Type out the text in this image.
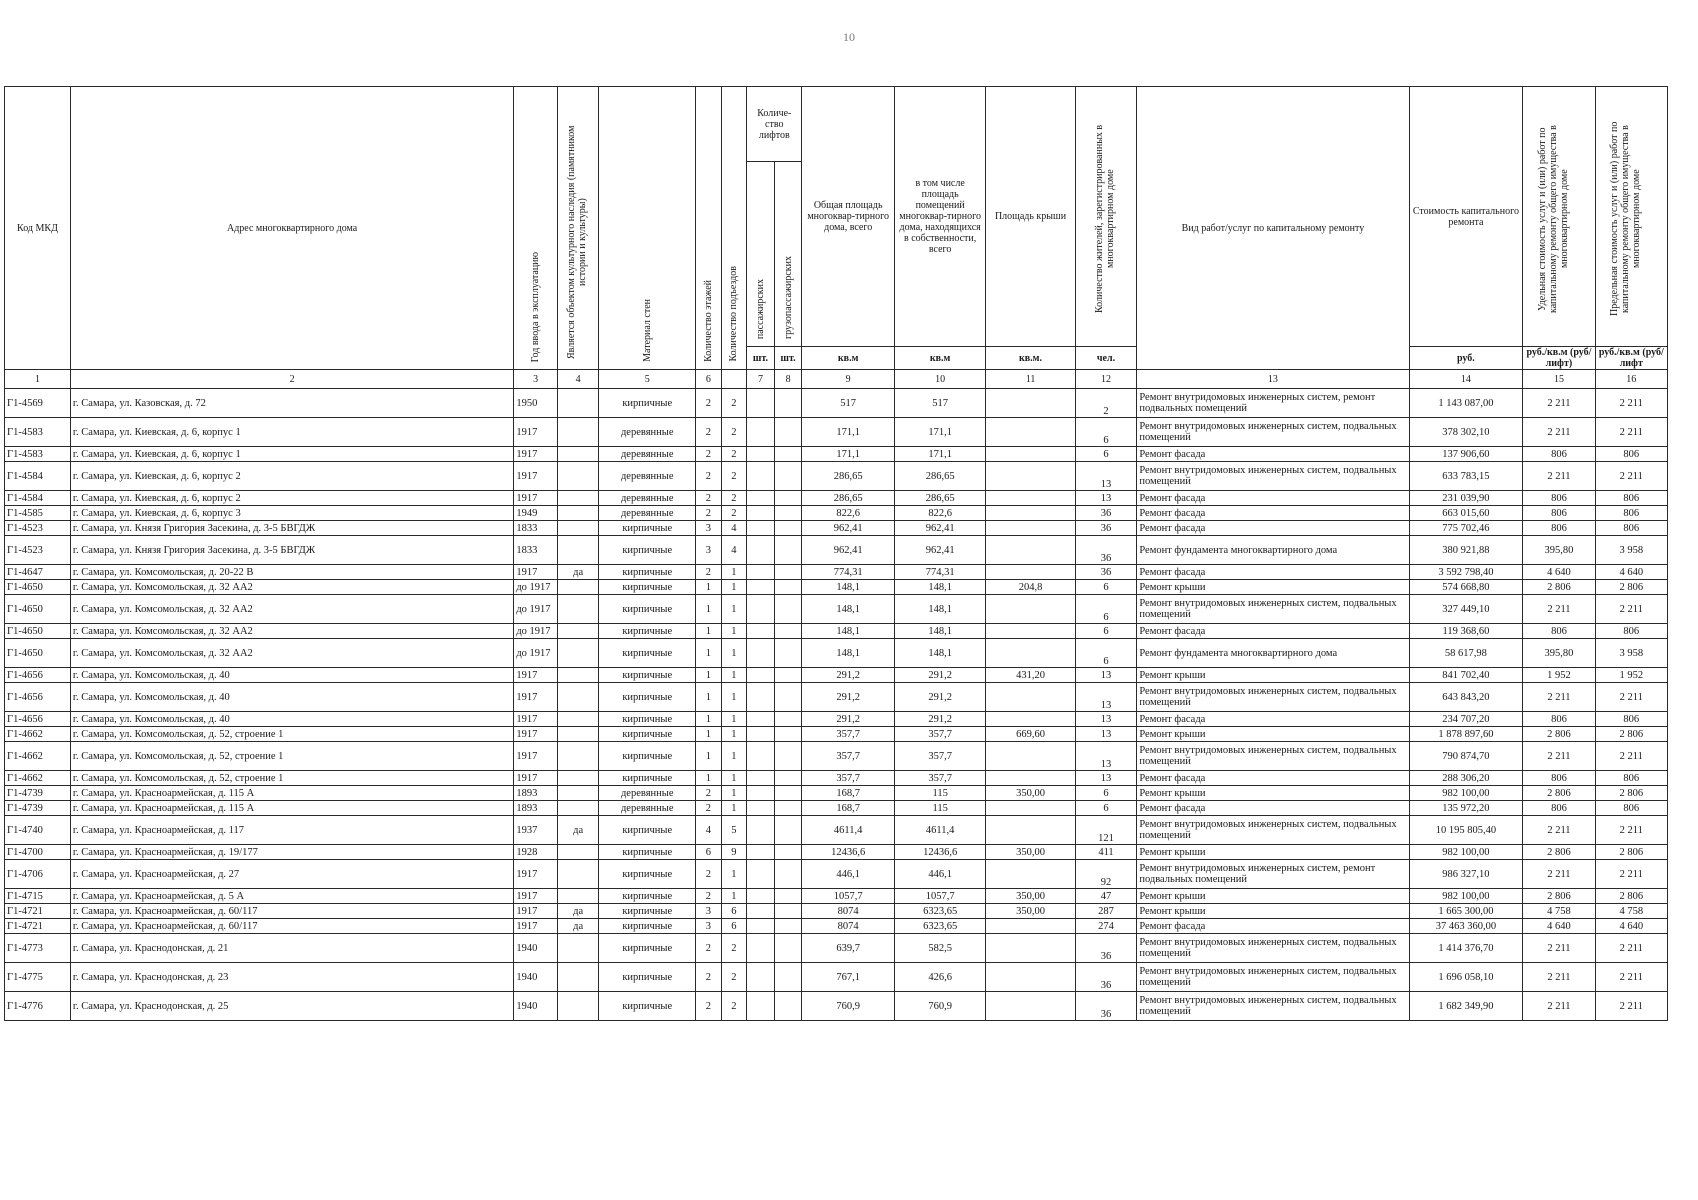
10
Код МКД	Адрес многоквартирного дома	Год ввода в эксплуатацию	Является объектом культурного наследия (памятником истории и культуры)	Материал стен	Количество этажей	Количество подъездов	Количе-ство лифтов		Общая площадь многоквар-тирного дома, всего	в том числе площадь помещений многоквар-тирного дома, находящихся в собственности, всего	Площадь крыши	Количество жителей, зарегистрированных в многоквартирном доме	Вид работ/услуг по капитальному ремонту	Стоимость капитального ремонта	Удельная стоимость услуг и (или) работ по капитальному ремонту общего имущества в многоквартирном доме	Предельная стоимость услуг и (или) работ по капитальному ремонту общего имущества в многоквартирном доме
							пассажирских	грузопассажирских								
							шт.	шт.	кв.м	кв.м	кв.м.	чел.		руб.	руб./кв.м (руб/лифт)	руб./кв.м (руб/лифт
1	2	3	4	5	6		7	8	9	10	11	12	13	14	15	16
Г1-4569	г. Самара, ул. Казовская, д. 72	1950		кирпичные	2	2			517	517		2	Ремонт внутридомовых инженерных систем, ремонт подвальных помещений	1 143 087,00	2 211	2 211
Г1-4583	г. Самара, ул. Киевская, д. 6, корпус 1	1917		деревянные	2	2			171,1	171,1		6	Ремонт внутридомовых инженерных систем, подвальных помещений	378 302,10	2 211	2 211
Г1-4583	г. Самара, ул. Киевская, д. 6, корпус 1	1917		деревянные	2	2			171,1	171,1		6	Ремонт фасада	137 906,60	806	806
Г1-4584	г. Самара, ул. Киевская, д. 6, корпус 2	1917		деревянные	2	2			286,65	286,65		13	Ремонт внутридомовых инженерных систем, подвальных помещений	633 783,15	2 211	2 211
Г1-4584	г. Самара, ул. Киевская, д. 6, корпус 2	1917		деревянные	2	2			286,65	286,65		13	Ремонт фасада	231 039,90	806	806
Г1-4585	г. Самара, ул. Киевская, д. 6, корпус 3	1949		деревянные	2	2			822,6	822,6		36	Ремонт фасада	663 015,60	806	806
Г1-4523	г. Самара, ул. Князя Григория Засекина, д. 3-5 БВГДЖ	1833		кирпичные	3	4			962,41	962,41		36	Ремонт фасада	775 702,46	806	806
Г1-4523	г. Самара, ул. Князя Григория Засекина, д. 3-5 БВГДЖ	1833		кирпичные	3	4			962,41	962,41		36	Ремонт фундамента многоквартирного дома	380 921,88	395,80	3 958
Г1-4647	г. Самара, ул. Комсомольская, д. 20-22 В	1917	да	кирпичные	2	1			774,31	774,31		36	Ремонт фасада	3 592 798,40	4 640	4 640
Г1-4650	г. Самара, ул. Комсомольская, д. 32 АА2	до 1917		кирпичные	1	1			148,1	148,1	204,8	6	Ремонт крыши	574 668,80	2 806	2 806
Г1-4650	г. Самара, ул. Комсомольская, д. 32 АА2	до 1917		кирпичные	1	1			148,1	148,1		6	Ремонт внутридомовых инженерных систем, подвальных помещений	327 449,10	2 211	2 211
Г1-4650	г. Самара, ул. Комсомольская, д. 32 АА2	до 1917		кирпичные	1	1			148,1	148,1		6	Ремонт фасада	119 368,60	806	806
Г1-4650	г. Самара, ул. Комсомольская, д. 32 АА2	до 1917		кирпичные	1	1			148,1	148,1		6	Ремонт фундамента многоквартирного дома	58 617,98	395,80	3 958
Г1-4656	г. Самара, ул. Комсомольская, д. 40	1917		кирпичные	1	1			291,2	291,2	431,20	13	Ремонт крыши	841 702,40	1 952	1 952
Г1-4656	г. Самара, ул. Комсомольская, д. 40	1917		кирпичные	1	1			291,2	291,2		13	Ремонт внутридомовых инженерных систем, подвальных помещений	643 843,20	2 211	2 211
Г1-4656	г. Самара, ул. Комсомольская, д. 40	1917		кирпичные	1	1			291,2	291,2		13	Ремонт фасада	234 707,20	806	806
Г1-4662	г. Самара, ул. Комсомольская, д. 52, строение 1	1917		кирпичные	1	1			357,7	357,7	669,60	13	Ремонт крыши	1 878 897,60	2 806	2 806
Г1-4662	г. Самара, ул. Комсомольская, д. 52, строение 1	1917		кирпичные	1	1			357,7	357,7		13	Ремонт внутридомовых инженерных систем, подвальных помещений	790 874,70	2 211	2 211
Г1-4662	г. Самара, ул. Комсомольская, д. 52, строение 1	1917		кирпичные	1	1			357,7	357,7		13	Ремонт фасада	288 306,20	806	806
Г1-4739	г. Самара, ул. Красноармейская, д. 115 А	1893		деревянные	2	1			168,7	115	350,00	6	Ремонт крыши	982 100,00	2 806	2 806
Г1-4739	г. Самара, ул. Красноармейская, д. 115 А	1893		деревянные	2	1			168,7	115		6	Ремонт фасада	135 972,20	806	806
Г1-4740	г. Самара, ул. Красноармейская, д. 117	1937	да	кирпичные	4	5			4611,4	4611,4		121	Ремонт внутридомовых инженерных систем, подвальных помещений	10 195 805,40	2 211	2 211
Г1-4700	г. Самара, ул. Красноармейская, д. 19/177	1928		кирпичные	6	9			12436,6	12436,6	350,00	411	Ремонт крыши	982 100,00	2 806	2 806
Г1-4706	г. Самара, ул. Красноармейская, д. 27	1917		кирпичные	2	1			446,1	446,1		92	Ремонт внутридомовых инженерных систем, ремонт подвальных помещений	986 327,10	2 211	2 211
Г1-4715	г. Самара, ул. Красноармейская, д. 5 А	1917		кирпичные	2	1			1057,7	1057,7	350,00	47	Ремонт крыши	982 100,00	2 806	2 806
Г1-4721	г. Самара, ул. Красноармейская, д. 60/117	1917	да	кирпичные	3	6			8074	6323,65	350,00	287	Ремонт крыши	1 665 300,00	4 758	4 758
Г1-4721	г. Самара, ул. Красноармейская, д. 60/117	1917	да	кирпичные	3	6			8074	6323,65		274	Ремонт фасада	37 463 360,00	4 640	4 640
Г1-4773	г. Самара, ул. Краснодонская, д. 21	1940		кирпичные	2	2			639,7	582,5		36	Ремонт внутридомовых инженерных систем, подвальных помещений	1 414 376,70	2 211	2 211
Г1-4775	г. Самара, ул. Краснодонская, д. 23	1940		кирпичные	2	2			767,1	426,6		36	Ремонт внутридомовых инженерных систем, подвальных помещений	1 696 058,10	2 211	2 211
Г1-4776	г. Самара, ул. Краснодонская, д. 25	1940		кирпичные	2	2			760,9	760,9		36	Ремонт внутридомовых инженерных систем, подвальных помещений	1 682 349,90	2 211	2 211
